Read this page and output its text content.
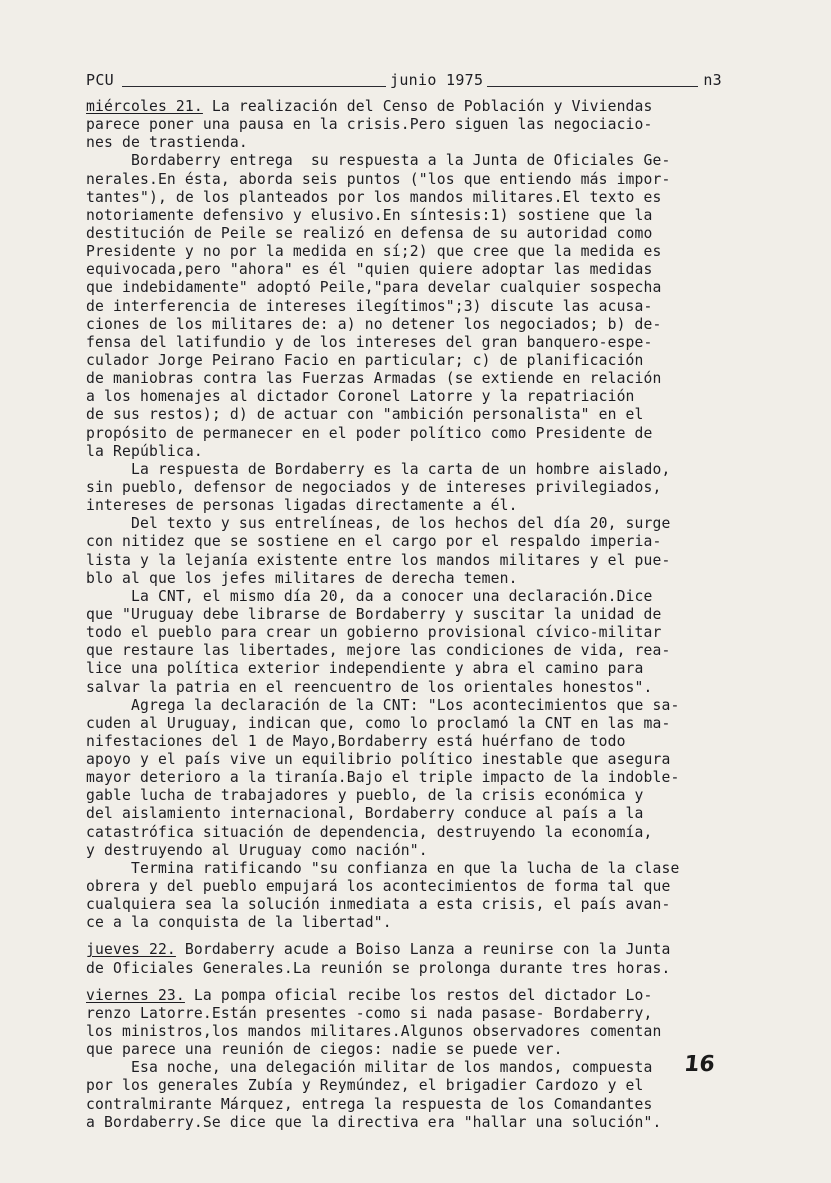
PCU	junio 1975	n3
miércoles 21. La realización del Censo de Población y Viviendas
parece poner una pausa en la crisis.Pero siguen las negociacio-
nes de trastienda.
Bordaberry entrega  su respuesta a la Junta de Oficiales Ge-
nerales.En ésta, aborda seis puntos ("los que entiendo más impor-
tantes"), de los planteados por los mandos militares.El texto es
notoriamente defensivo y elusivo.En síntesis:1) sostiene que la
destitución de Peile se realizó en defensa de su autoridad como
Presidente y no por la medida en sí;2) que cree que la medida es
equivocada,pero "ahora" es él "quien quiere adoptar las medidas
que indebidamente" adoptó Peile,"para develar cualquier sospecha
de interferencia de intereses ilegítimos";3) discute las acusa-
ciones de los militares de: a) no detener los negociados; b) de-
fensa del latifundio y de los intereses del gran banquero-espe-
culador Jorge Peirano Facio en particular; c) de planificación
de maniobras contra las Fuerzas Armadas (se extiende en relación
a los homenajes al dictador Coronel Latorre y la repatriación
de sus restos); d) de actuar con "ambición personalista" en el
propósito de permanecer en el poder político como Presidente de
la República.
La respuesta de Bordaberry es la carta de un hombre aislado,
sin pueblo, defensor de negociados y de intereses privilegiados,
intereses de personas ligadas directamente a él.
Del texto y sus entrelíneas, de los hechos del día 20, surge
con nitidez que se sostiene en el cargo por el respaldo imperia-
lista y la lejanía existente entre los mandos militares y el pue-
blo al que los jefes militares de derecha temen.
La CNT, el mismo día 20, da a conocer una declaración.Dice
que "Uruguay debe librarse de Bordaberry y suscitar la unidad de
todo el pueblo para crear un gobierno provisional cívico-militar
que restaure las libertades, mejore las condiciones de vida, rea-
lice una política exterior independiente y abra el camino para
salvar la patria en el reencuentro de los orientales honestos".
Agrega la declaración de la CNT: "Los acontecimientos que sa-
cuden al Uruguay, indican que, como lo proclamó la CNT en las ma-
nifestaciones del 1 de Mayo,Bordaberry está huérfano de todo
apoyo y el país vive un equilibrio político inestable que asegura
mayor deterioro a la tiranía.Bajo el triple impacto de la indoble-
gable lucha de trabajadores y pueblo, de la crisis económica y
del aislamiento internacional, Bordaberry conduce al país a la
catastrófica situación de dependencia, destruyendo la economía,
y destruyendo al Uruguay como nación".
Termina ratificando "su confianza en que la lucha de la clase
obrera y del pueblo empujará los acontecimientos de forma tal que
cualquiera sea la solución inmediata a esta crisis, el país avan-
ce a la conquista de la libertad".
jueves 22. Bordaberry acude a Boiso Lanza a reunirse con la Junta
de Oficiales Generales.La reunión se prolonga durante tres horas.
viernes 23. La pompa oficial recibe los restos del dictador Lo-
renzo Latorre.Están presentes -como si nada pasase- Bordaberry,
los ministros,los mandos militares.Algunos observadores comentan
que parece una reunión de ciegos: nadie se puede ver.
Esa noche, una delegación militar de los mandos, compuesta
por los generales Zubía y Reymúndez, el brigadier Cardozo y el
contralmirante Márquez, entrega la respuesta de los Comandantes
a Bordaberry.Se dice que la directiva era "hallar una solución".
16
